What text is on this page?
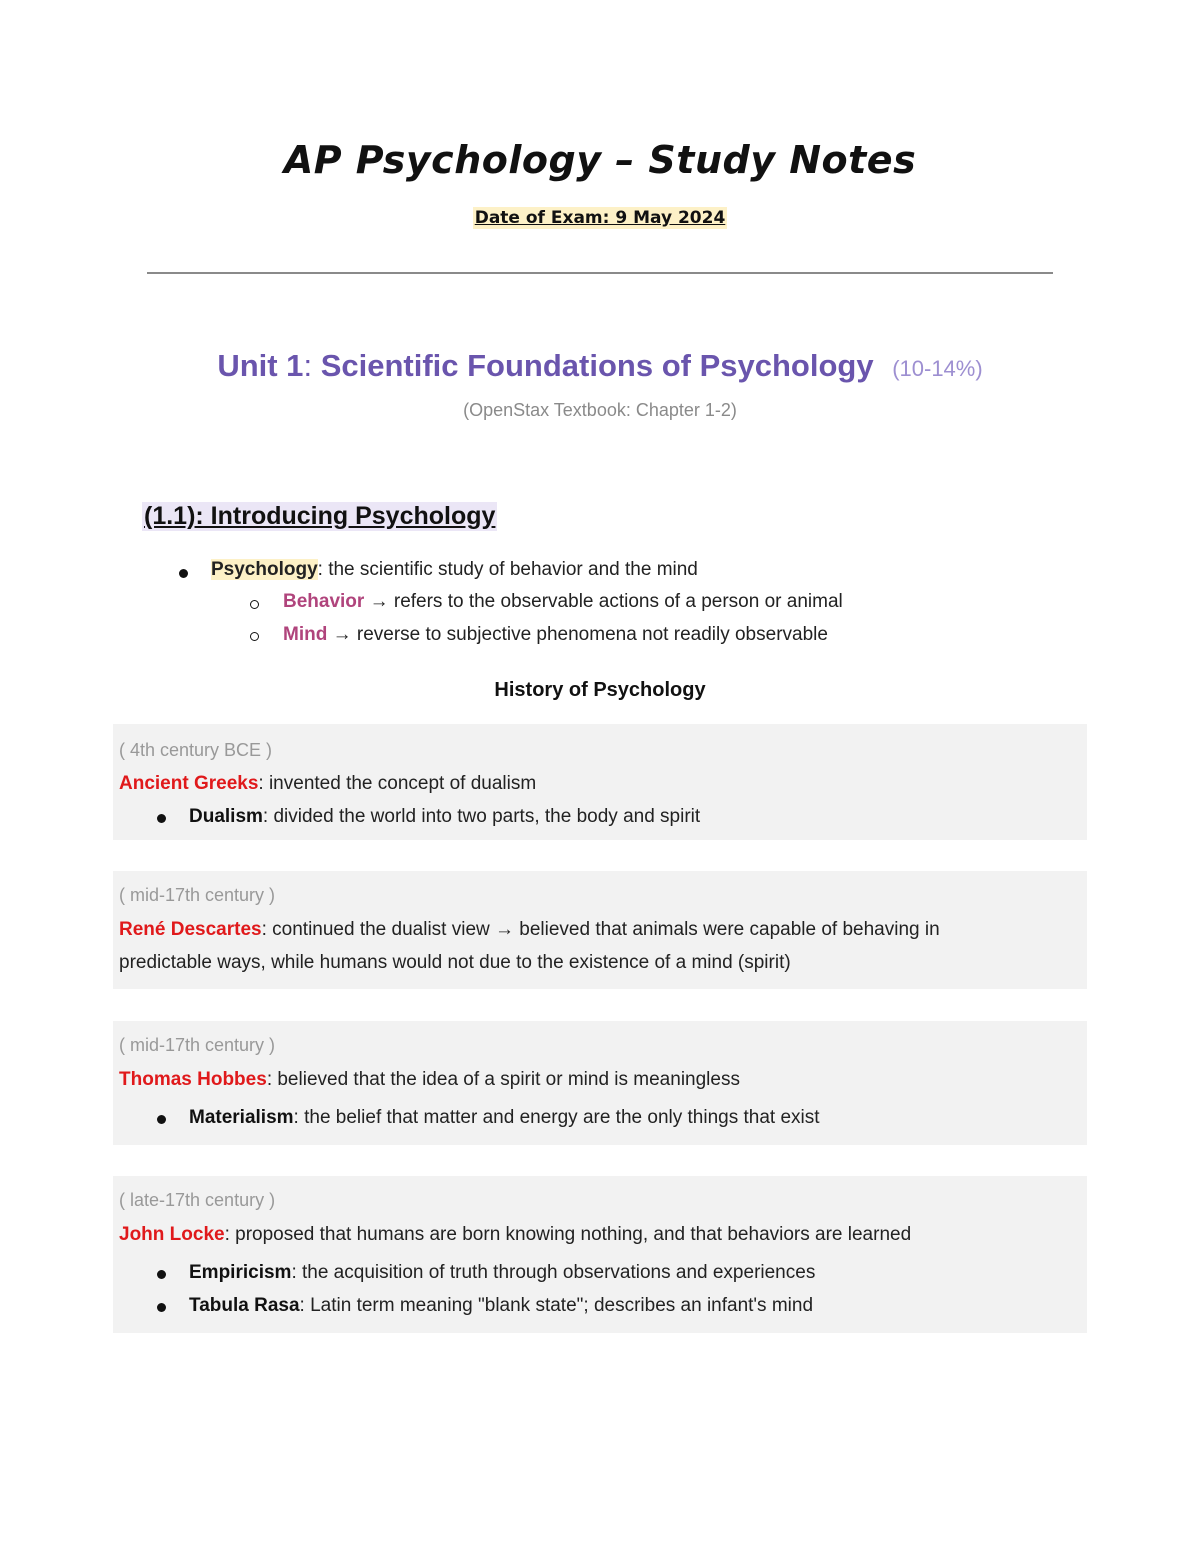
AP Psychology – Study Notes
Date of Exam: 9 May 2024
Unit 1: Scientific Foundations of Psychology (10-14%)
(OpenStax Textbook: Chapter 1-2)
(1.1): Introducing Psychology
Psychology: the scientific study of behavior and the mind
Behavior → refers to the observable actions of a person or animal
Mind → reverse to subjective phenomena not readily observable
History of Psychology
( 4th century BCE )
Ancient Greeks: invented the concept of dualism
Dualism: divided the world into two parts, the body and spirit
( mid-17th century )
René Descartes: continued the dualist view → believed that animals were capable of behaving in
predictable ways, while humans would not due to the existence of a mind (spirit)
( mid-17th century )
Thomas Hobbes: believed that the idea of a spirit or mind is meaningless
Materialism: the belief that matter and energy are the only things that exist
( late-17th century )
John Locke: proposed that humans are born knowing nothing, and that behaviors are learned
Empiricism: the acquisition of truth through observations and experiences
Tabula Rasa: Latin term meaning "blank state"; describes an infant's mind
